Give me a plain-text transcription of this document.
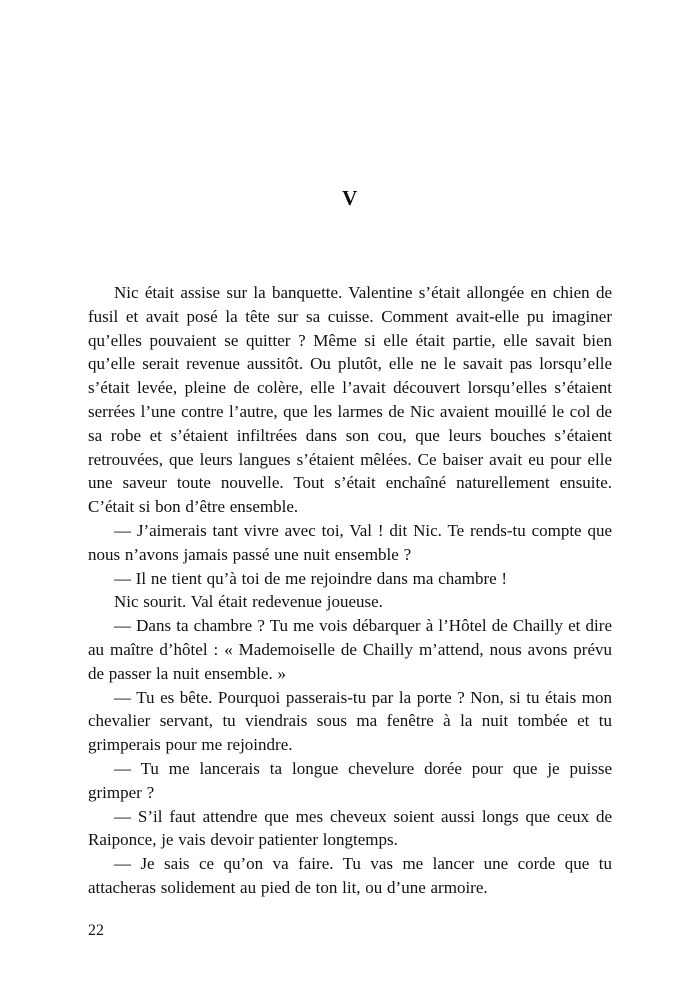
V

Nic était assise sur la banquette. Valentine s’était allongée en chien de fusil et avait posé la tête sur sa cuisse. Comment avait-elle pu imaginer qu’elles pouvaient se quitter ? Même si elle était partie, elle savait bien qu’elle serait revenue aussitôt. Ou plutôt, elle ne le savait pas lorsqu’elle s’était levée, pleine de colère, elle l’avait découvert lorsqu’elles s’étaient serrées l’une contre l’autre, que les larmes de Nic avaient mouillé le col de sa robe et s’étaient infiltrées dans son cou, que leurs bouches s’étaient retrouvées, que leurs langues s’étaient mêlées. Ce baiser avait eu pour elle une saveur toute nouvelle. Tout s’était enchaîné naturellement ensuite. C’était si bon d’être ensemble.

— J’aimerais tant vivre avec toi, Val ! dit Nic. Te rends-tu compte que nous n’avons jamais passé une nuit ensemble ?

— Il ne tient qu’à toi de me rejoindre dans ma chambre !

Nic sourit. Val était redevenue joueuse.

— Dans ta chambre ? Tu me vois débarquer à l’Hôtel de Chailly et dire au maître d’hôtel : « Mademoiselle de Chailly m’attend, nous avons prévu de passer la nuit ensemble. »

— Tu es bête. Pourquoi passerais-tu par la porte ? Non, si tu étais mon chevalier servant, tu viendrais sous ma fenêtre à la nuit tombée et tu grimperais pour me rejoindre.

— Tu me lancerais ta longue chevelure dorée pour que je puisse grimper ?

— S’il faut attendre que mes cheveux soient aussi longs que ceux de Raiponce, je vais devoir patienter longtemps.

— Je sais ce qu’on va faire. Tu vas me lancer une corde que tu attacheras solidement au pied de ton lit, ou d’une armoire.

22
